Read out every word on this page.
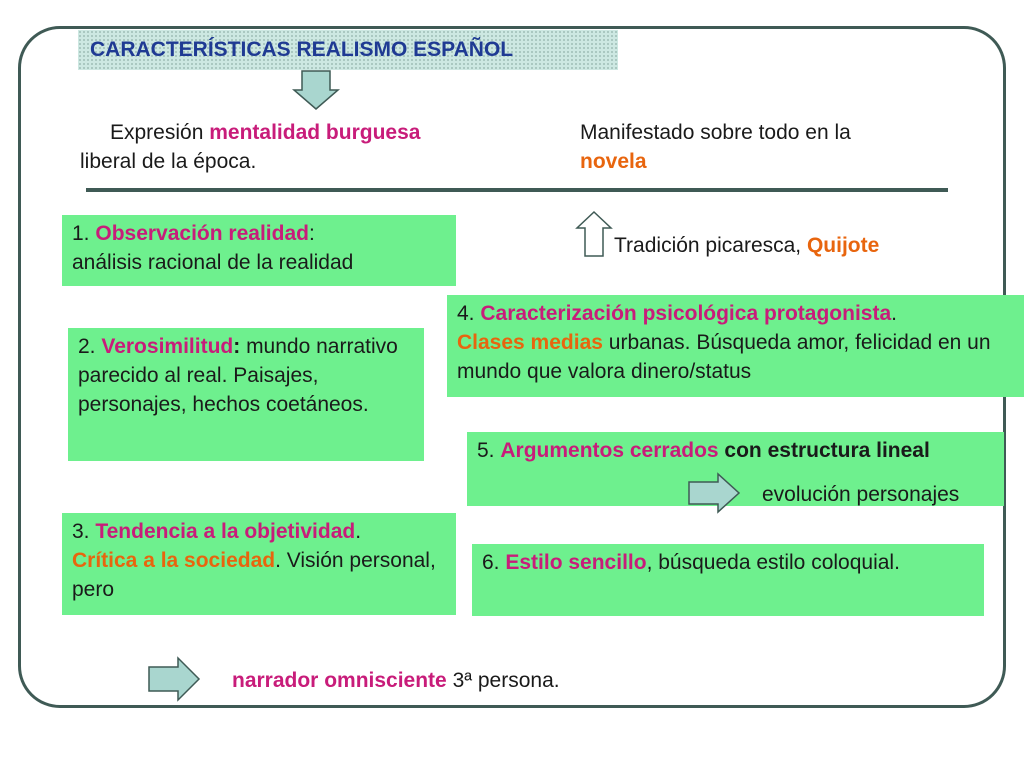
CARACTERÍSTICAS REALISMO ESPAÑOL
Expresión mentalidad burguesa
liberal de la época.
Manifestado sobre todo en la
novela
Tradición picaresca, Quijote
1. Observación realidad:
análisis racional de la realidad
2. Verosimilitud: mundo narrativo parecido al real. Paisajes, personajes, hechos coetáneos.
3. Tendencia a la objetividad.
Crítica a la sociedad. Visión personal, pero
4. Caracterización psicológica protagonista.
Clases medias urbanas. Búsqueda amor, felicidad en un mundo que valora dinero/status
5. Argumentos cerrados con estructura lineal
evolución personajes
6. Estilo sencillo, búsqueda estilo coloquial.
narrador omnisciente 3ª persona.
